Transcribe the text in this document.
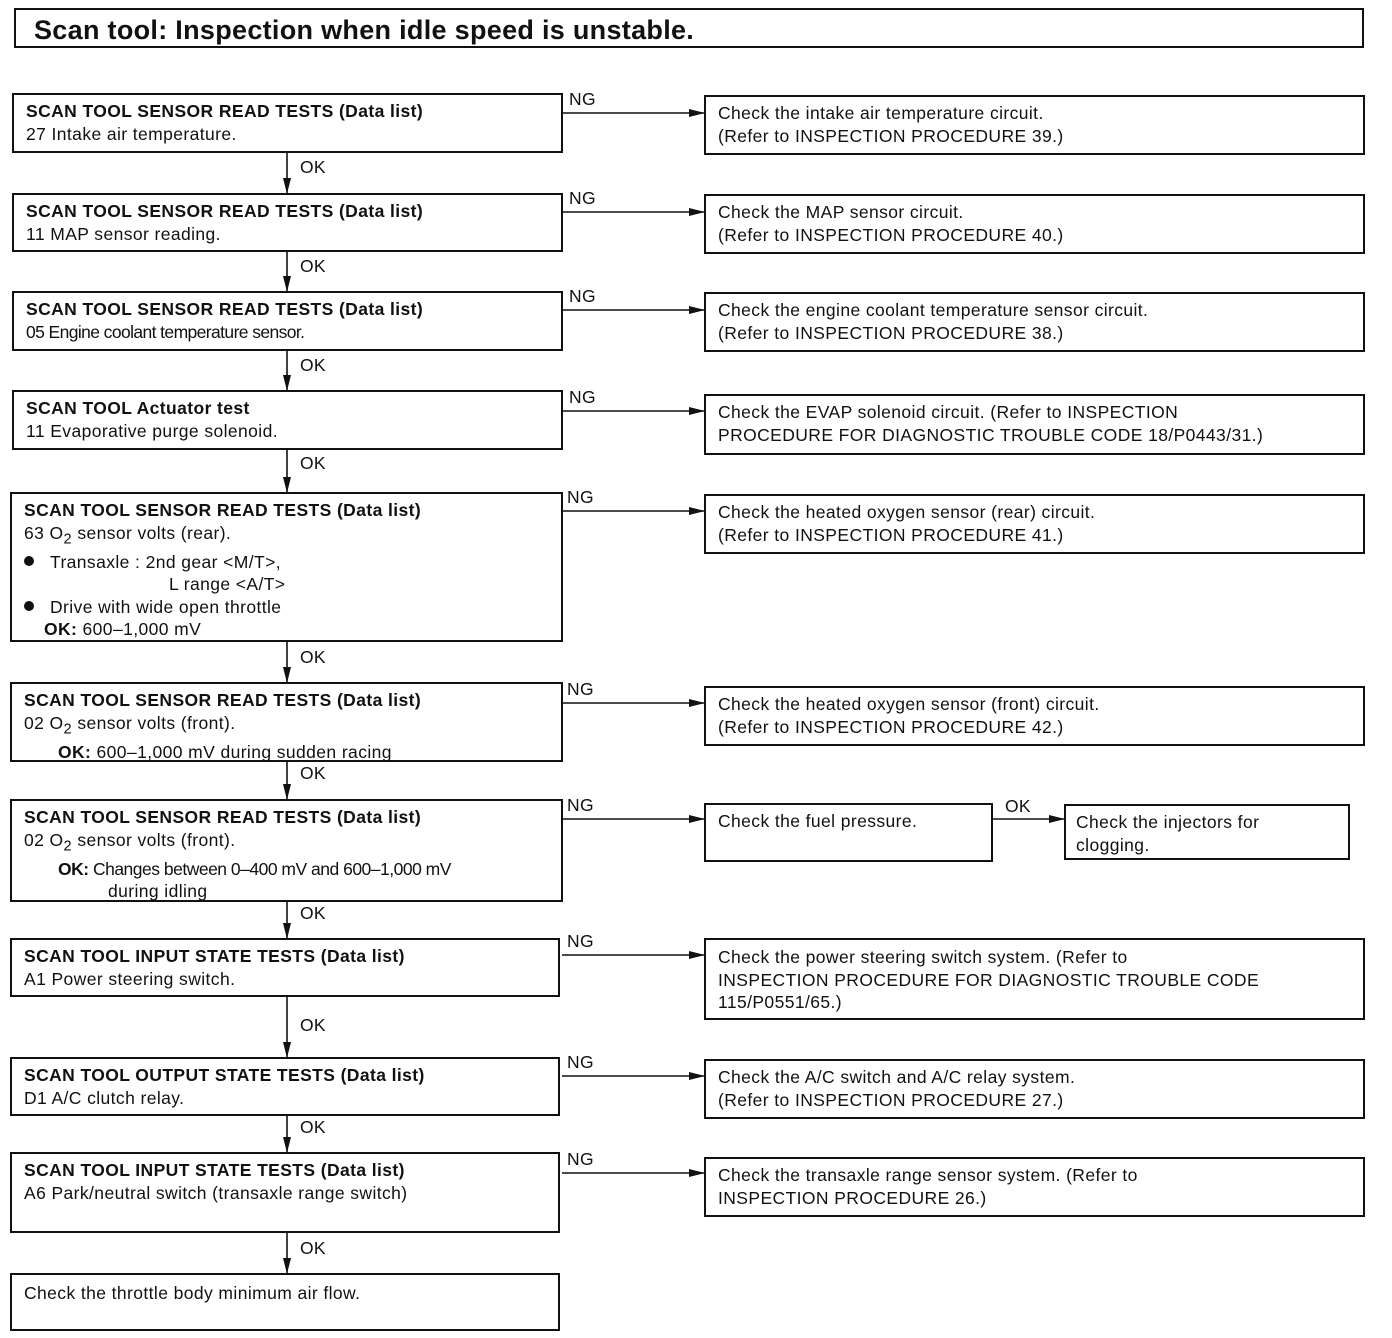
Scan tool: Inspection when idle speed is unstable.
NG
NG
NG
NG
NG
NG
NG
NG
NG
NG
OK
OK
OK
OK
OK
OK
OK
OK
OK
OK
OK
SCAN TOOL SENSOR READ TESTS (Data list)
27 Intake air temperature.
Check the intake air temperature circuit.
(Refer to INSPECTION PROCEDURE 39.)
SCAN TOOL SENSOR READ TESTS (Data list)
11 MAP sensor reading.
Check the MAP sensor circuit.
(Refer to INSPECTION PROCEDURE 40.)
SCAN TOOL SENSOR READ TESTS (Data list)
05 Engine coolant temperature sensor.
Check the engine coolant temperature sensor circuit.
(Refer to INSPECTION PROCEDURE 38.)
SCAN TOOL Actuator test
11 Evaporative purge solenoid.
Check the EVAP solenoid circuit. (Refer to INSPECTION
PROCEDURE FOR DIAGNOSTIC TROUBLE CODE 18/P0443/31.)
SCAN TOOL SENSOR READ TESTS (Data list)
63 $O_2$ sensor volts (rear).
Transaxle : 2nd gear <M/T>,
L range <A/T>
Drive with wide open throttle
OK: 600–1,000 mV
Check the heated oxygen sensor (rear) circuit.
(Refer to INSPECTION PROCEDURE 41.)
SCAN TOOL SENSOR READ TESTS (Data list)
02 $O_2$ sensor volts (front).
OK: 600–1,000 mV during sudden racing
Check the heated oxygen sensor (front) circuit.
(Refer to INSPECTION PROCEDURE 42.)
SCAN TOOL SENSOR READ TESTS (Data list)
02 $O_2$ sensor volts (front).
OK: Changes between 0–400 mV and 600–1,000 mV
during idling
Check the fuel pressure.	Check the injectors for
clogging.
SCAN TOOL INPUT STATE TESTS (Data list)
A1 Power steering switch.
Check the power steering switch system. (Refer to
INSPECTION PROCEDURE FOR DIAGNOSTIC TROUBLE CODE
115/P0551/65.)
SCAN TOOL OUTPUT STATE TESTS (Data list)
D1 A/C clutch relay.
Check the A/C switch and A/C relay system.
(Refer to INSPECTION PROCEDURE 27.)
SCAN TOOL INPUT STATE TESTS (Data list)
A6 Park/neutral switch (transaxle range switch)
Check the transaxle range sensor system. (Refer to
INSPECTION PROCEDURE 26.)
Check the throttle body minimum air flow.
